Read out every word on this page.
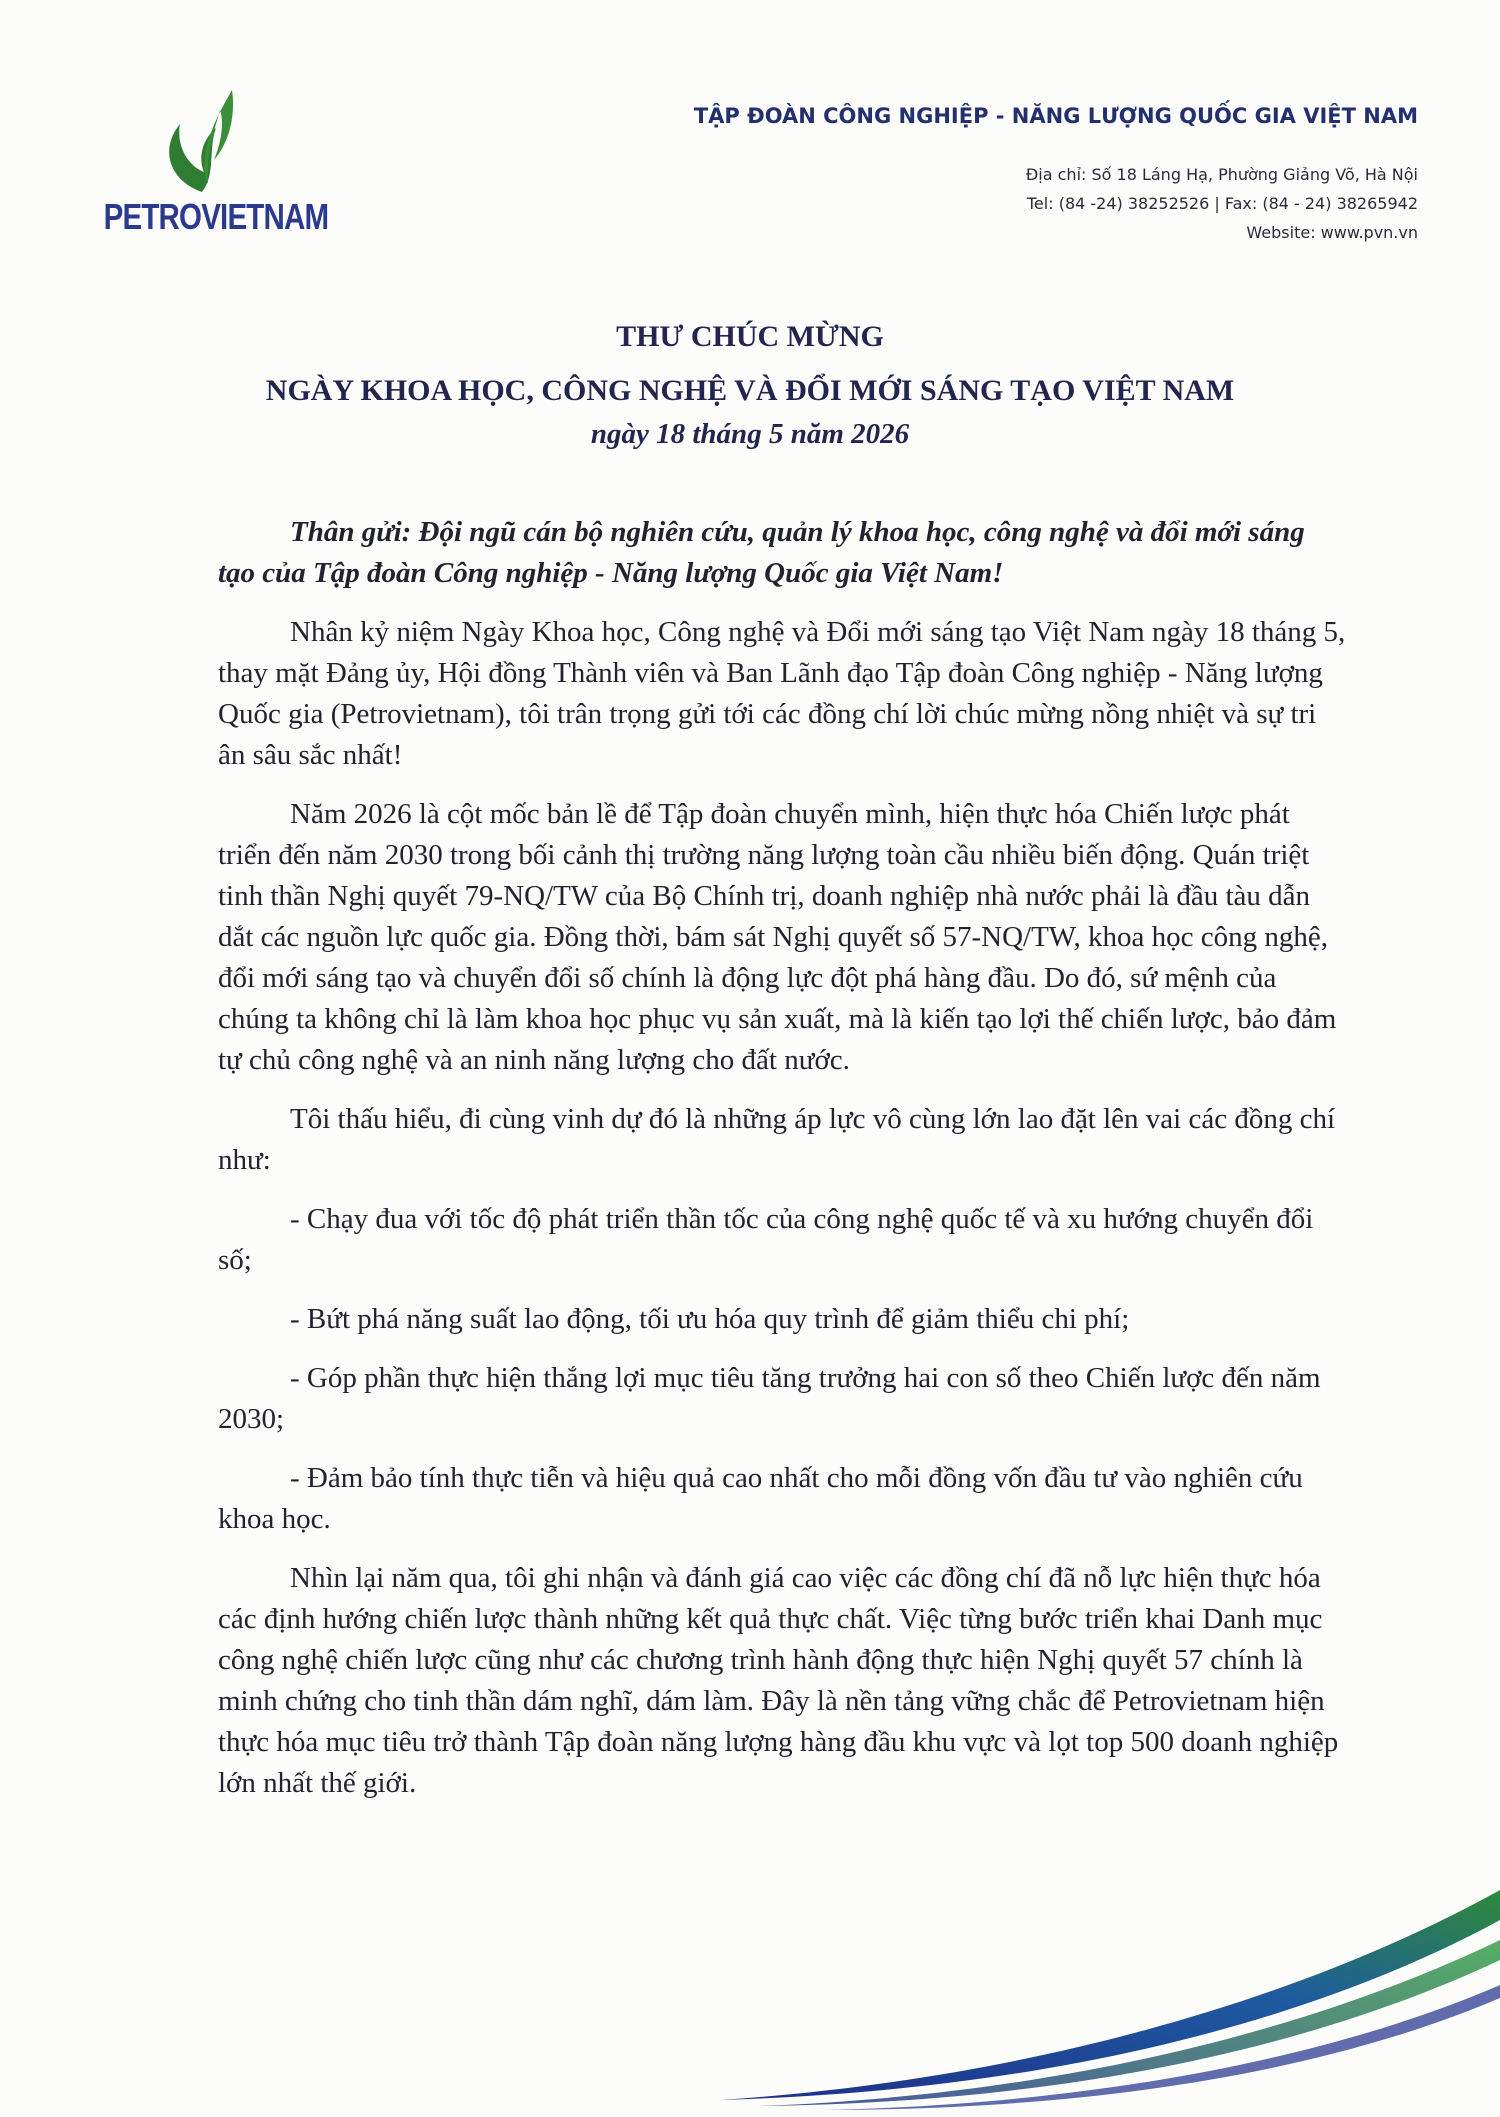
PETROVIETNAM
TẬP ĐOÀN CÔNG NGHIỆP - NĂNG LƯỢNG QUỐC GIA VIỆT NAM
Địa chỉ: Số 18 Láng Hạ, Phường Giảng Võ, Hà Nội
Tel: (84 -24) 38252526 | Fax: (84 - 24) 38265942
Website: www.pvn.vn
THƯ CHÚC MỪNG
NGÀY KHOA HỌC, CÔNG NGHỆ VÀ ĐỔI MỚI SÁNG TẠO VIỆT NAM
ngày 18 tháng 5 năm 2026

Thân gửi: Đội ngũ cán bộ nghiên cứu, quản lý khoa học, công nghệ và đổi mới sáng tạo của Tập đoàn Công nghiệp - Năng lượng Quốc gia Việt Nam!

Nhân kỷ niệm Ngày Khoa học, Công nghệ và Đổi mới sáng tạo Việt Nam ngày 18 tháng 5, thay mặt Đảng ủy, Hội đồng Thành viên và Ban Lãnh đạo Tập đoàn Công nghiệp - Năng lượng Quốc gia (Petrovietnam), tôi trân trọng gửi tới các đồng chí lời chúc mừng nồng nhiệt và sự tri ân sâu sắc nhất!

Năm 2026 là cột mốc bản lề để Tập đoàn chuyển mình, hiện thực hóa Chiến lược phát triển đến năm 2030 trong bối cảnh thị trường năng lượng toàn cầu nhiều biến động. Quán triệt tinh thần Nghị quyết 79-NQ/TW của Bộ Chính trị, doanh nghiệp nhà nước phải là đầu tàu dẫn dắt các nguồn lực quốc gia. Đồng thời, bám sát Nghị quyết số 57-NQ/TW, khoa học công nghệ, đổi mới sáng tạo và chuyển đổi số chính là động lực đột phá hàng đầu. Do đó, sứ mệnh của chúng ta không chỉ là làm khoa học phục vụ sản xuất, mà là kiến tạo lợi thế chiến lược, bảo đảm tự chủ công nghệ và an ninh năng lượng cho đất nước.

Tôi thấu hiểu, đi cùng vinh dự đó là những áp lực vô cùng lớn lao đặt lên vai các đồng chí như:

- Chạy đua với tốc độ phát triển thần tốc của công nghệ quốc tế và xu hướng chuyển đổi số;

- Bứt phá năng suất lao động, tối ưu hóa quy trình để giảm thiểu chi phí;

- Góp phần thực hiện thắng lợi mục tiêu tăng trưởng hai con số theo Chiến lược đến năm 2030;

- Đảm bảo tính thực tiễn và hiệu quả cao nhất cho mỗi đồng vốn đầu tư vào nghiên cứu khoa học.

Nhìn lại năm qua, tôi ghi nhận và đánh giá cao việc các đồng chí đã nỗ lực hiện thực hóa các định hướng chiến lược thành những kết quả thực chất. Việc từng bước triển khai Danh mục công nghệ chiến lược cũng như các chương trình hành động thực hiện Nghị quyết 57 chính là minh chứng cho tinh thần dám nghĩ, dám làm. Đây là nền tảng vững chắc để Petrovietnam hiện thực hóa mục tiêu trở thành Tập đoàn năng lượng hàng đầu khu vực và lọt top 500 doanh nghiệp lớn nhất thế giới.
